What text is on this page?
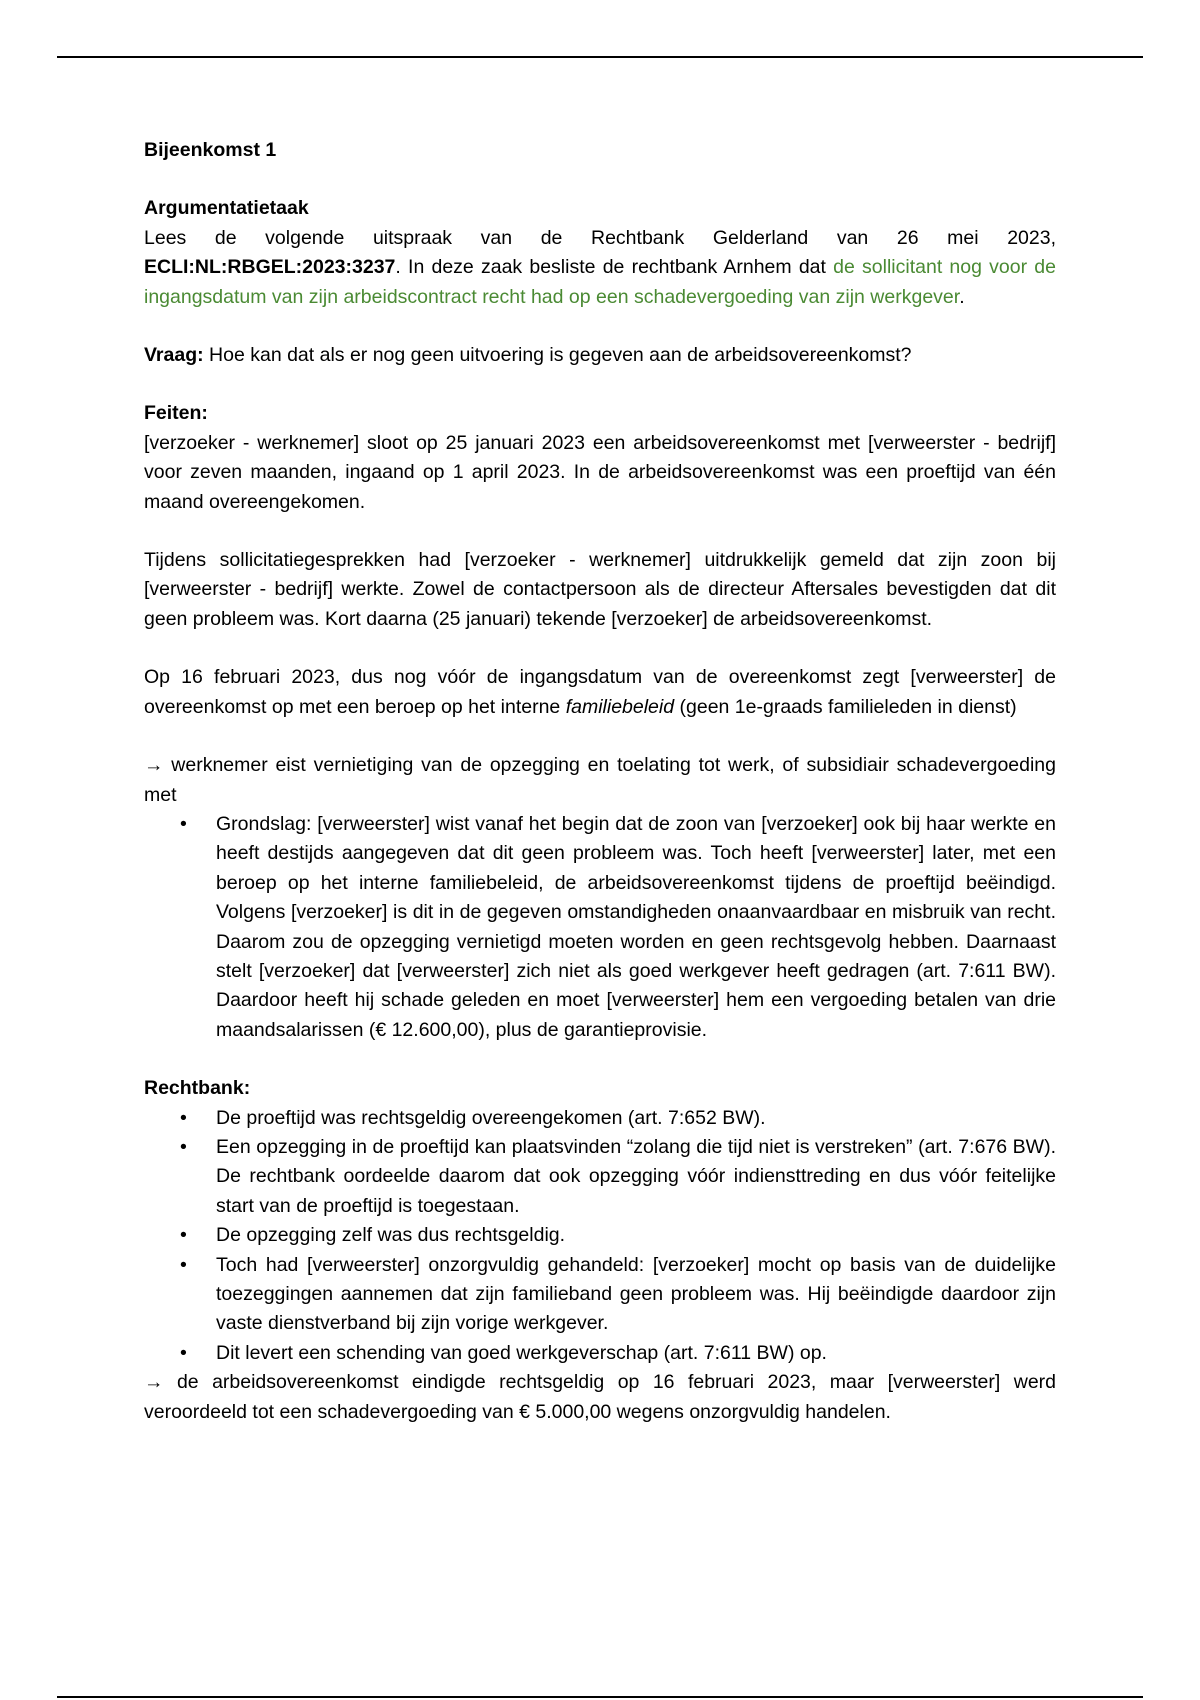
Bijeenkomst 1

Argumentatietaak

Lees de volgende uitspraak van de Rechtbank Gelderland van 26 mei 2023, ECLI:NL:RBGEL:2023:3237. In deze zaak besliste de rechtbank Arnhem dat de sollicitant nog voor de ingangsdatum van zijn arbeidscontract recht had op een schadevergoeding van zijn werkgever.

Vraag: Hoe kan dat als er nog geen uitvoering is gegeven aan de arbeidsovereenkomst?

Feiten:

[verzoeker - werknemer] sloot op 25 januari 2023 een arbeidsovereenkomst met [verweerster - bedrijf] voor zeven maanden, ingaand op 1 april 2023. In de arbeidsovereenkomst was een proeftijd van één maand overeengekomen.

Tijdens sollicitatiegesprekken had [verzoeker - werknemer] uitdrukkelijk gemeld dat zijn zoon bij [verweerster - bedrijf] werkte. Zowel de contactpersoon als de directeur Aftersales bevestigden dat dit geen probleem was. Kort daarna (25 januari) tekende [verzoeker] de arbeidsovereenkomst.

Op 16 februari 2023, dus nog vóór de ingangsdatum van de overeenkomst zegt [verweerster] de overeenkomst op met een beroep op het interne familiebeleid (geen 1e-graads familieleden in dienst)

→ werknemer eist vernietiging van de opzegging en toelating tot werk, of subsidiair schadevergoeding met

• Grondslag: [verweerster] wist vanaf het begin dat de zoon van [verzoeker] ook bij haar werkte en heeft destijds aangegeven dat dit geen probleem was. Toch heeft [verweerster] later, met een beroep op het interne familiebeleid, de arbeidsovereenkomst tijdens de proeftijd beëindigd. Volgens [verzoeker] is dit in de gegeven omstandigheden onaanvaardbaar en misbruik van recht. Daarom zou de opzegging vernietigd moeten worden en geen rechtsgevolg hebben. Daarnaast stelt [verzoeker] dat [verweerster] zich niet als goed werkgever heeft gedragen (art. 7:611 BW). Daardoor heeft hij schade geleden en moet [verweerster] hem een vergoeding betalen van drie maandsalarissen (€ 12.600,00), plus de garantieprovisie.

Rechtbank:

• De proeftijd was rechtsgeldig overeengekomen (art. 7:652 BW).
• Een opzegging in de proeftijd kan plaatsvinden “zolang die tijd niet is verstreken” (art. 7:676 BW). De rechtbank oordeelde daarom dat ook opzegging vóór indiensttreding en dus vóór feitelijke start van de proeftijd is toegestaan.
• De opzegging zelf was dus rechtsgeldig.
• Toch had [verweerster] onzorgvuldig gehandeld: [verzoeker] mocht op basis van de duidelijke toezeggingen aannemen dat zijn familieband geen probleem was. Hij beëindigde daardoor zijn vaste dienstverband bij zijn vorige werkgever.
• Dit levert een schending van goed werkgeverschap (art. 7:611 BW) op.

→ de arbeidsovereenkomst eindigde rechtsgeldig op 16 februari 2023, maar [verweerster] werd veroordeeld tot een schadevergoeding van € 5.000,00 wegens onzorgvuldig handelen.
